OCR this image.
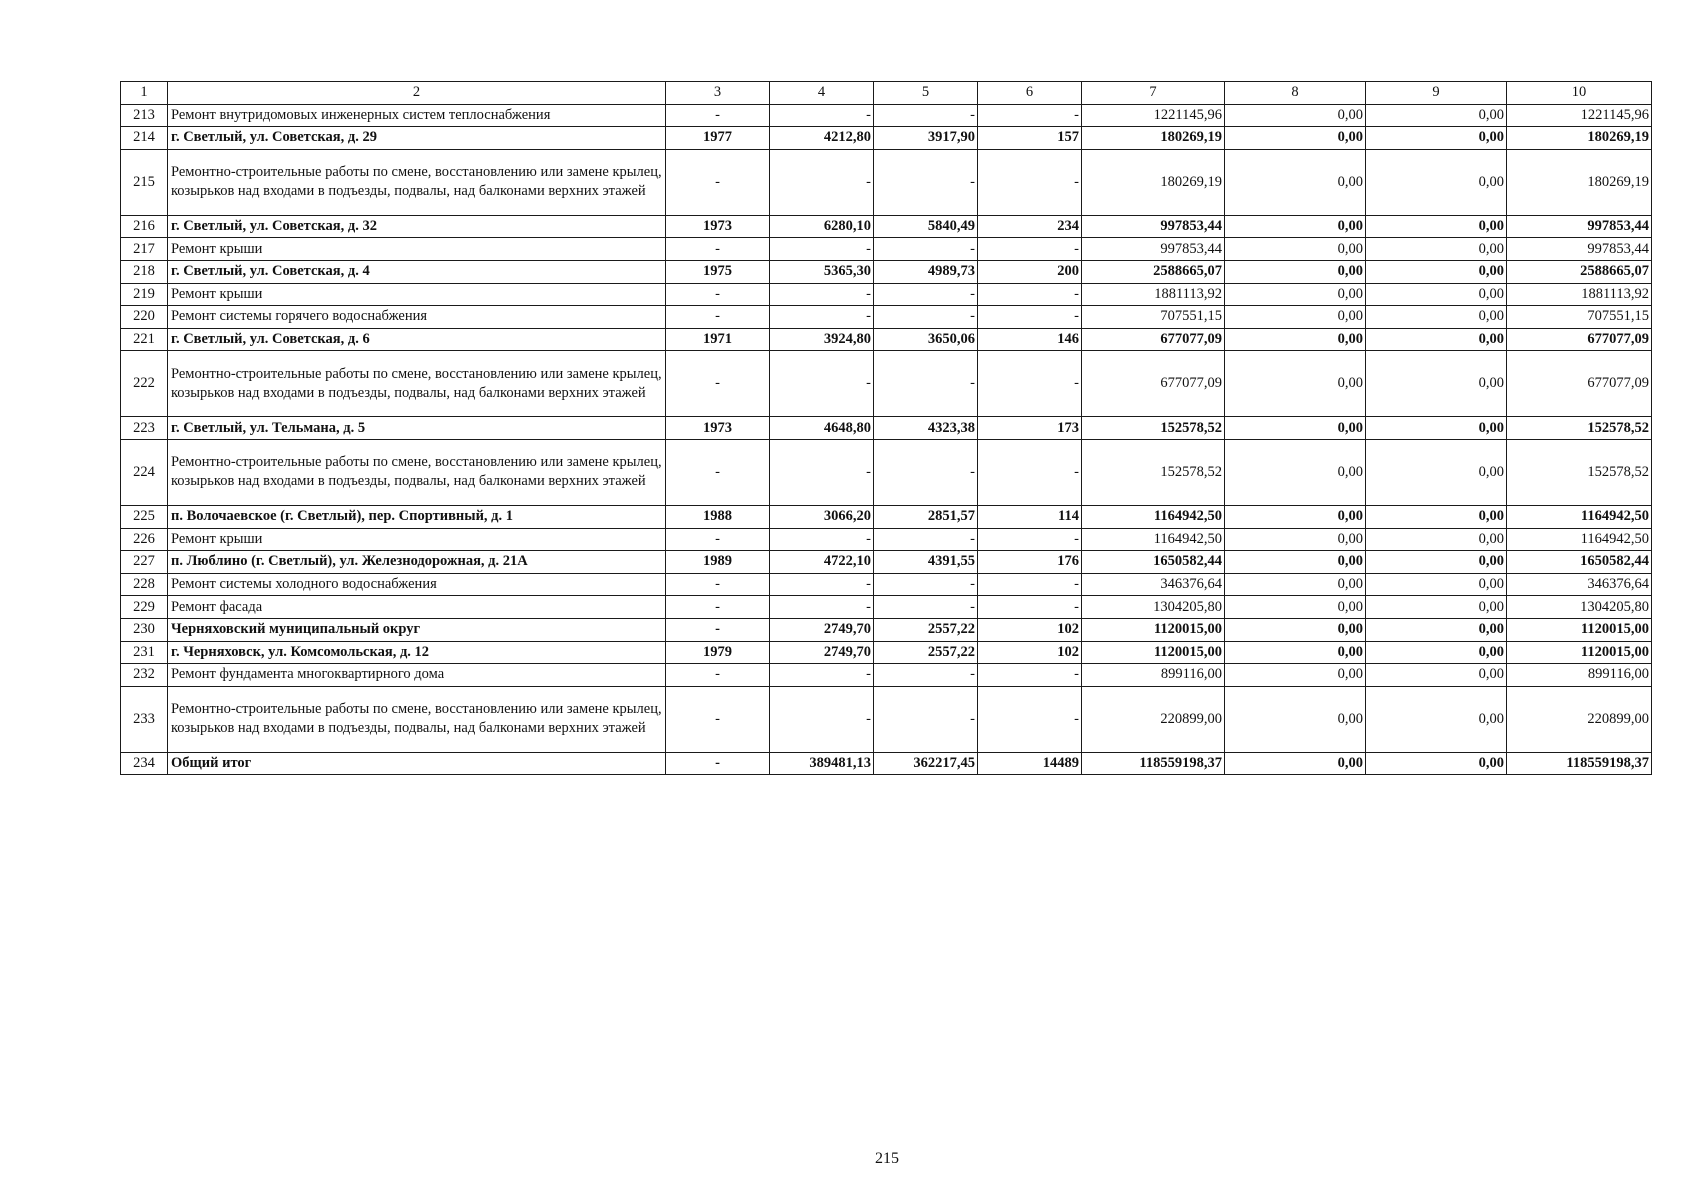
1	2	3	4	5	6	7	8	9	10
213	Ремонт внутридомовых инженерных систем теплоснабжения	-	-	-	-	1221145,96	0,00	0,00	1221145,96
214	г. Светлый, ул. Советская, д. 29	1977	4212,80	3917,90	157	180269,19	0,00	0,00	180269,19
215	Ремонтно-строительные работы по смене, восстановлению или замене крылец, козырьков над входами в подъезды, подвалы, над балконами верхних этажей	-	-	-	-	180269,19	0,00	0,00	180269,19
216	г. Светлый, ул. Советская, д. 32	1973	6280,10	5840,49	234	997853,44	0,00	0,00	997853,44
217	Ремонт крыши	-	-	-	-	997853,44	0,00	0,00	997853,44
218	г. Светлый, ул. Советская, д. 4	1975	5365,30	4989,73	200	2588665,07	0,00	0,00	2588665,07
219	Ремонт крыши	-	-	-	-	1881113,92	0,00	0,00	1881113,92
220	Ремонт системы горячего водоснабжения	-	-	-	-	707551,15	0,00	0,00	707551,15
221	г. Светлый, ул. Советская, д. 6	1971	3924,80	3650,06	146	677077,09	0,00	0,00	677077,09
222	Ремонтно-строительные работы по смене, восстановлению или замене крылец, козырьков над входами в подъезды, подвалы, над балконами верхних этажей	-	-	-	-	677077,09	0,00	0,00	677077,09
223	г. Светлый, ул. Тельмана, д. 5	1973	4648,80	4323,38	173	152578,52	0,00	0,00	152578,52
224	Ремонтно-строительные работы по смене, восстановлению или замене крылец, козырьков над входами в подъезды, подвалы, над балконами верхних этажей	-	-	-	-	152578,52	0,00	0,00	152578,52
225	п. Волочаевское (г. Светлый), пер. Спортивный, д. 1	1988	3066,20	2851,57	114	1164942,50	0,00	0,00	1164942,50
226	Ремонт крыши	-	-	-	-	1164942,50	0,00	0,00	1164942,50
227	п. Люблино (г. Светлый), ул. Железнодорожная, д. 21А	1989	4722,10	4391,55	176	1650582,44	0,00	0,00	1650582,44
228	Ремонт системы холодного водоснабжения	-	-	-	-	346376,64	0,00	0,00	346376,64
229	Ремонт фасада	-	-	-	-	1304205,80	0,00	0,00	1304205,80
230	Черняховский муниципальный округ	-	2749,70	2557,22	102	1120015,00	0,00	0,00	1120015,00
231	г. Черняховск, ул. Комсомольская, д. 12	1979	2749,70	2557,22	102	1120015,00	0,00	0,00	1120015,00
232	Ремонт фундамента многоквартирного дома	-	-	-	-	899116,00	0,00	0,00	899116,00
233	Ремонтно-строительные работы по смене, восстановлению или замене крылец, козырьков над входами в подъезды, подвалы, над балконами верхних этажей	-	-	-	-	220899,00	0,00	0,00	220899,00
234	Общий итог	-	389481,13	362217,45	14489	118559198,37	0,00	0,00	118559198,37
215
